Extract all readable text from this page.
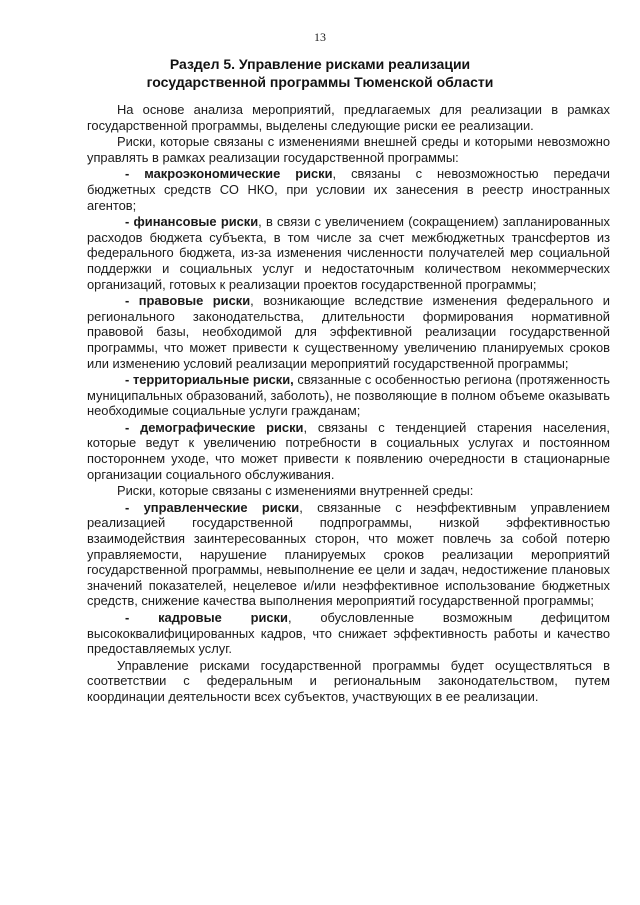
13
Раздел 5. Управление рисками реализации
государственной программы Тюменской области

На основе анализа мероприятий, предлагаемых для реализации в рамках государственной программы, выделены следующие риски ее реализации.

Риски, которые связаны с изменениями внешней среды и которыми невозможно управлять в рамках реализации государственной программы:

- макроэкономические риски, связаны с невозможностью передачи бюджетных средств СО НКО, при условии их занесения в реестр иностранных агентов;

- финансовые риски, в связи с увеличением (сокращением) запланированных расходов бюджета субъекта, в том числе за счет межбюджетных трансфертов из федерального бюджета, из-за изменения численности получателей мер социальной поддержки и социальных услуг и недостаточным количеством некоммерческих организаций, готовых к реализации проектов государственной программы;

- правовые риски, возникающие вследствие изменения федерального и регионального законодательства, длительности формирования нормативной правовой базы, необходимой для эффективной реализации государственной программы, что может привести к существенному увеличению планируемых сроков или изменению условий реализации мероприятий государственной программы;

- территориальные риски, связанные с особенностью региона (протяженность муниципальных образований, заболоть), не позволяющие в полном объеме оказывать необходимые социальные услуги гражданам;

- демографические риски, связаны с тенденцией старения населения, которые ведут к увеличению потребности в социальных услугах и постоянном постороннем уходе, что может привести к появлению очередности в стационарные организации социального обслуживания.

Риски, которые связаны с изменениями внутренней среды:

- управленческие риски, связанные с неэффективным управлением реализацией государственной подпрограммы, низкой эффективностью взаимодействия заинтересованных сторон, что может повлечь за собой потерю управляемости, нарушение планируемых сроков реализации мероприятий государственной программы, невыполнение ее цели и задач, недостижение плановых значений показателей, нецелевое и/или неэффективное использование бюджетных средств, снижение качества выполнения мероприятий государственной программы;

- кадровые риски, обусловленные возможным дефицитом высококвалифицированных кадров, что снижает эффективность работы и качество предоставляемых услуг.

Управление рисками государственной программы будет осуществляться в соответствии с федеральным и региональным законодательством, путем координации деятельности всех субъектов, участвующих в ее реализации.
